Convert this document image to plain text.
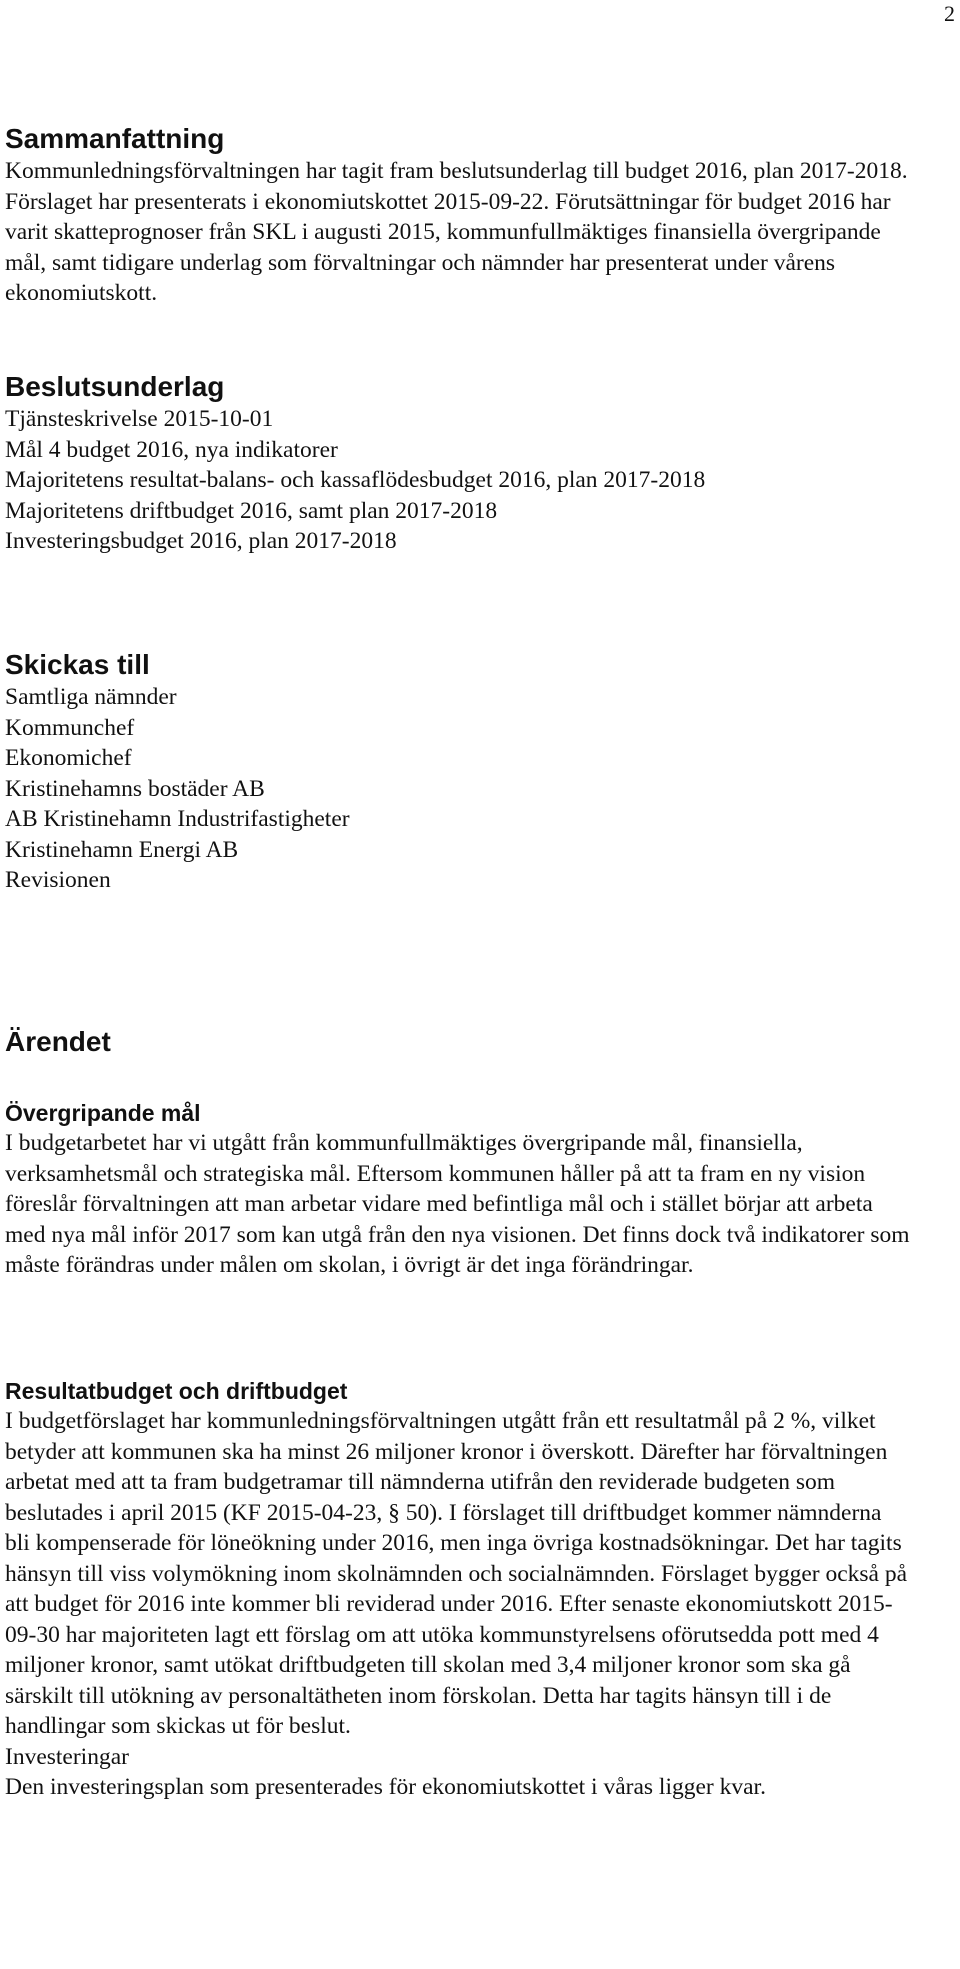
2
Sammanfattning

Kommunledningsförvaltningen har tagit fram beslutsunderlag till budget 2016, plan 2017-2018. Förslaget har presenterats i ekonomiutskottet 2015-09-22. Förutsättningar för budget 2016 har varit skatteprognoser från SKL i augusti 2015, kommunfullmäktiges finansiella övergripande mål, samt tidigare underlag som förvaltningar och nämnder har presenterat under vårens ekonomiutskott.

Beslutsunderlag
Tjänsteskrivelse 2015-10-01
Mål 4 budget 2016, nya indikatorer
Majoritetens resultat-balans- och kassaflödesbudget 2016, plan 2017-2018
Majoritetens driftbudget 2016, samt plan 2017-2018
Investeringsbudget 2016, plan 2017-2018
Skickas till
Samtliga nämnder
Kommunchef
Ekonomichef
Kristinehamns bostäder AB
AB Kristinehamn Industrifastigheter
Kristinehamn Energi AB
Revisionen
Ärendet
Övergripande mål

I budgetarbetet har vi utgått från kommunfullmäktiges övergripande mål, finansiella, verksamhetsmål och strategiska mål. Eftersom kommunen håller på att ta fram en ny vision föreslår förvaltningen att man arbetar vidare med befintliga mål och i stället börjar att arbeta med nya mål inför 2017 som kan utgå från den nya visionen. Det finns dock två indikatorer som måste förändras under målen om skolan, i övrigt är det inga förändringar.

Resultatbudget och driftbudget

I budgetförslaget har kommunledningsförvaltningen utgått från ett resultatmål på 2 %, vilket betyder att kommunen ska ha minst 26 miljoner kronor i överskott. Därefter har förvaltningen arbetat med att ta fram budgetramar till nämnderna utifrån den reviderade budgeten som beslutades i april 2015 (KF 2015-04-23, § 50). I förslaget till driftbudget kommer nämnderna bli kompenserade för löneökning under 2016, men inga övriga kostnadsökningar. Det har tagits hänsyn till viss volymökning inom skolnämnden och socialnämnden. Förslaget bygger också på att budget för 2016 inte kommer bli reviderad under 2016. Efter senaste ekonomiutskott 2015-09-30 har majoriteten lagt ett förslag om att utöka kommunstyrelsens oförutsedda pott med 4 miljoner kronor, samt utökat driftbudgeten till skolan med 3,4 miljoner kronor som ska gå särskilt till utökning av personaltätheten inom förskolan. Detta har tagits hänsyn till i de handlingar som skickas ut för beslut.

Investeringar

Den investeringsplan som presenterades för ekonomiutskottet i våras ligger kvar.
